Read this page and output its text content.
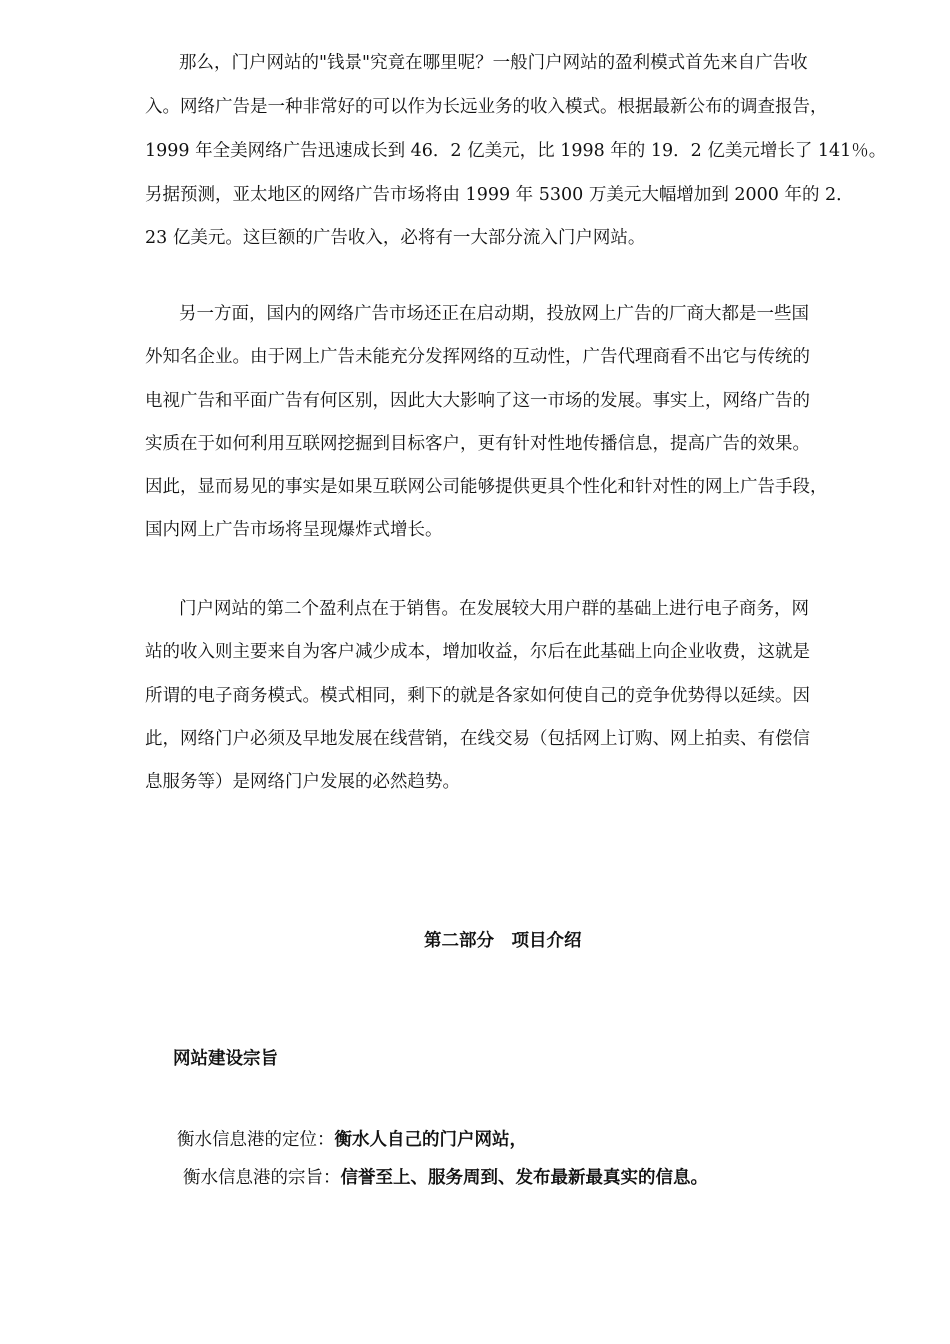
那么，门户网站的"钱景"究竟在哪里呢？一般门户网站的盈利模式首先来自广告收
入。网络广告是一种非常好的可以作为长远业务的收入模式。根据最新公布的调查报告，
1999 年全美网络广告迅速成长到 46．2 亿美元，比 1998 年的 19．2 亿美元增长了 141％。
另据预测，亚太地区的网络广告市场将由 1999 年 5300 万美元大幅增加到 2000 年的 2．
23 亿美元。这巨额的广告收入，必将有一大部分流入门户网站。
另一方面，国内的网络广告市场还正在启动期，投放网上广告的厂商大都是一些国
外知名企业。由于网上广告未能充分发挥网络的互动性，广告代理商看不出它与传统的
电视广告和平面广告有何区别，因此大大影响了这一市场的发展。事实上，网络广告的
实质在于如何利用互联网挖掘到目标客户，更有针对性地传播信息，提高广告的效果。
因此，显而易见的事实是如果互联网公司能够提供更具个性化和针对性的网上广告手段，
国内网上广告市场将呈现爆炸式增长。
门户网站的第二个盈利点在于销售。在发展较大用户群的基础上进行电子商务，网
站的收入则主要来自为客户减少成本，增加收益，尔后在此基础上向企业收费，这就是
所谓的电子商务模式。模式相同，剩下的就是各家如何使自己的竞争优势得以延续。因
此，网络门户必须及早地发展在线营销，在线交易（包括网上订购、网上拍卖、有偿信
息服务等）是网络门户发展的必然趋势。
第二部分　项目介绍
网站建设宗旨
衡水信息港的定位：衡水人自己的门户网站，
衡水信息港的宗旨：信誉至上、服务周到、发布最新最真实的信息。
